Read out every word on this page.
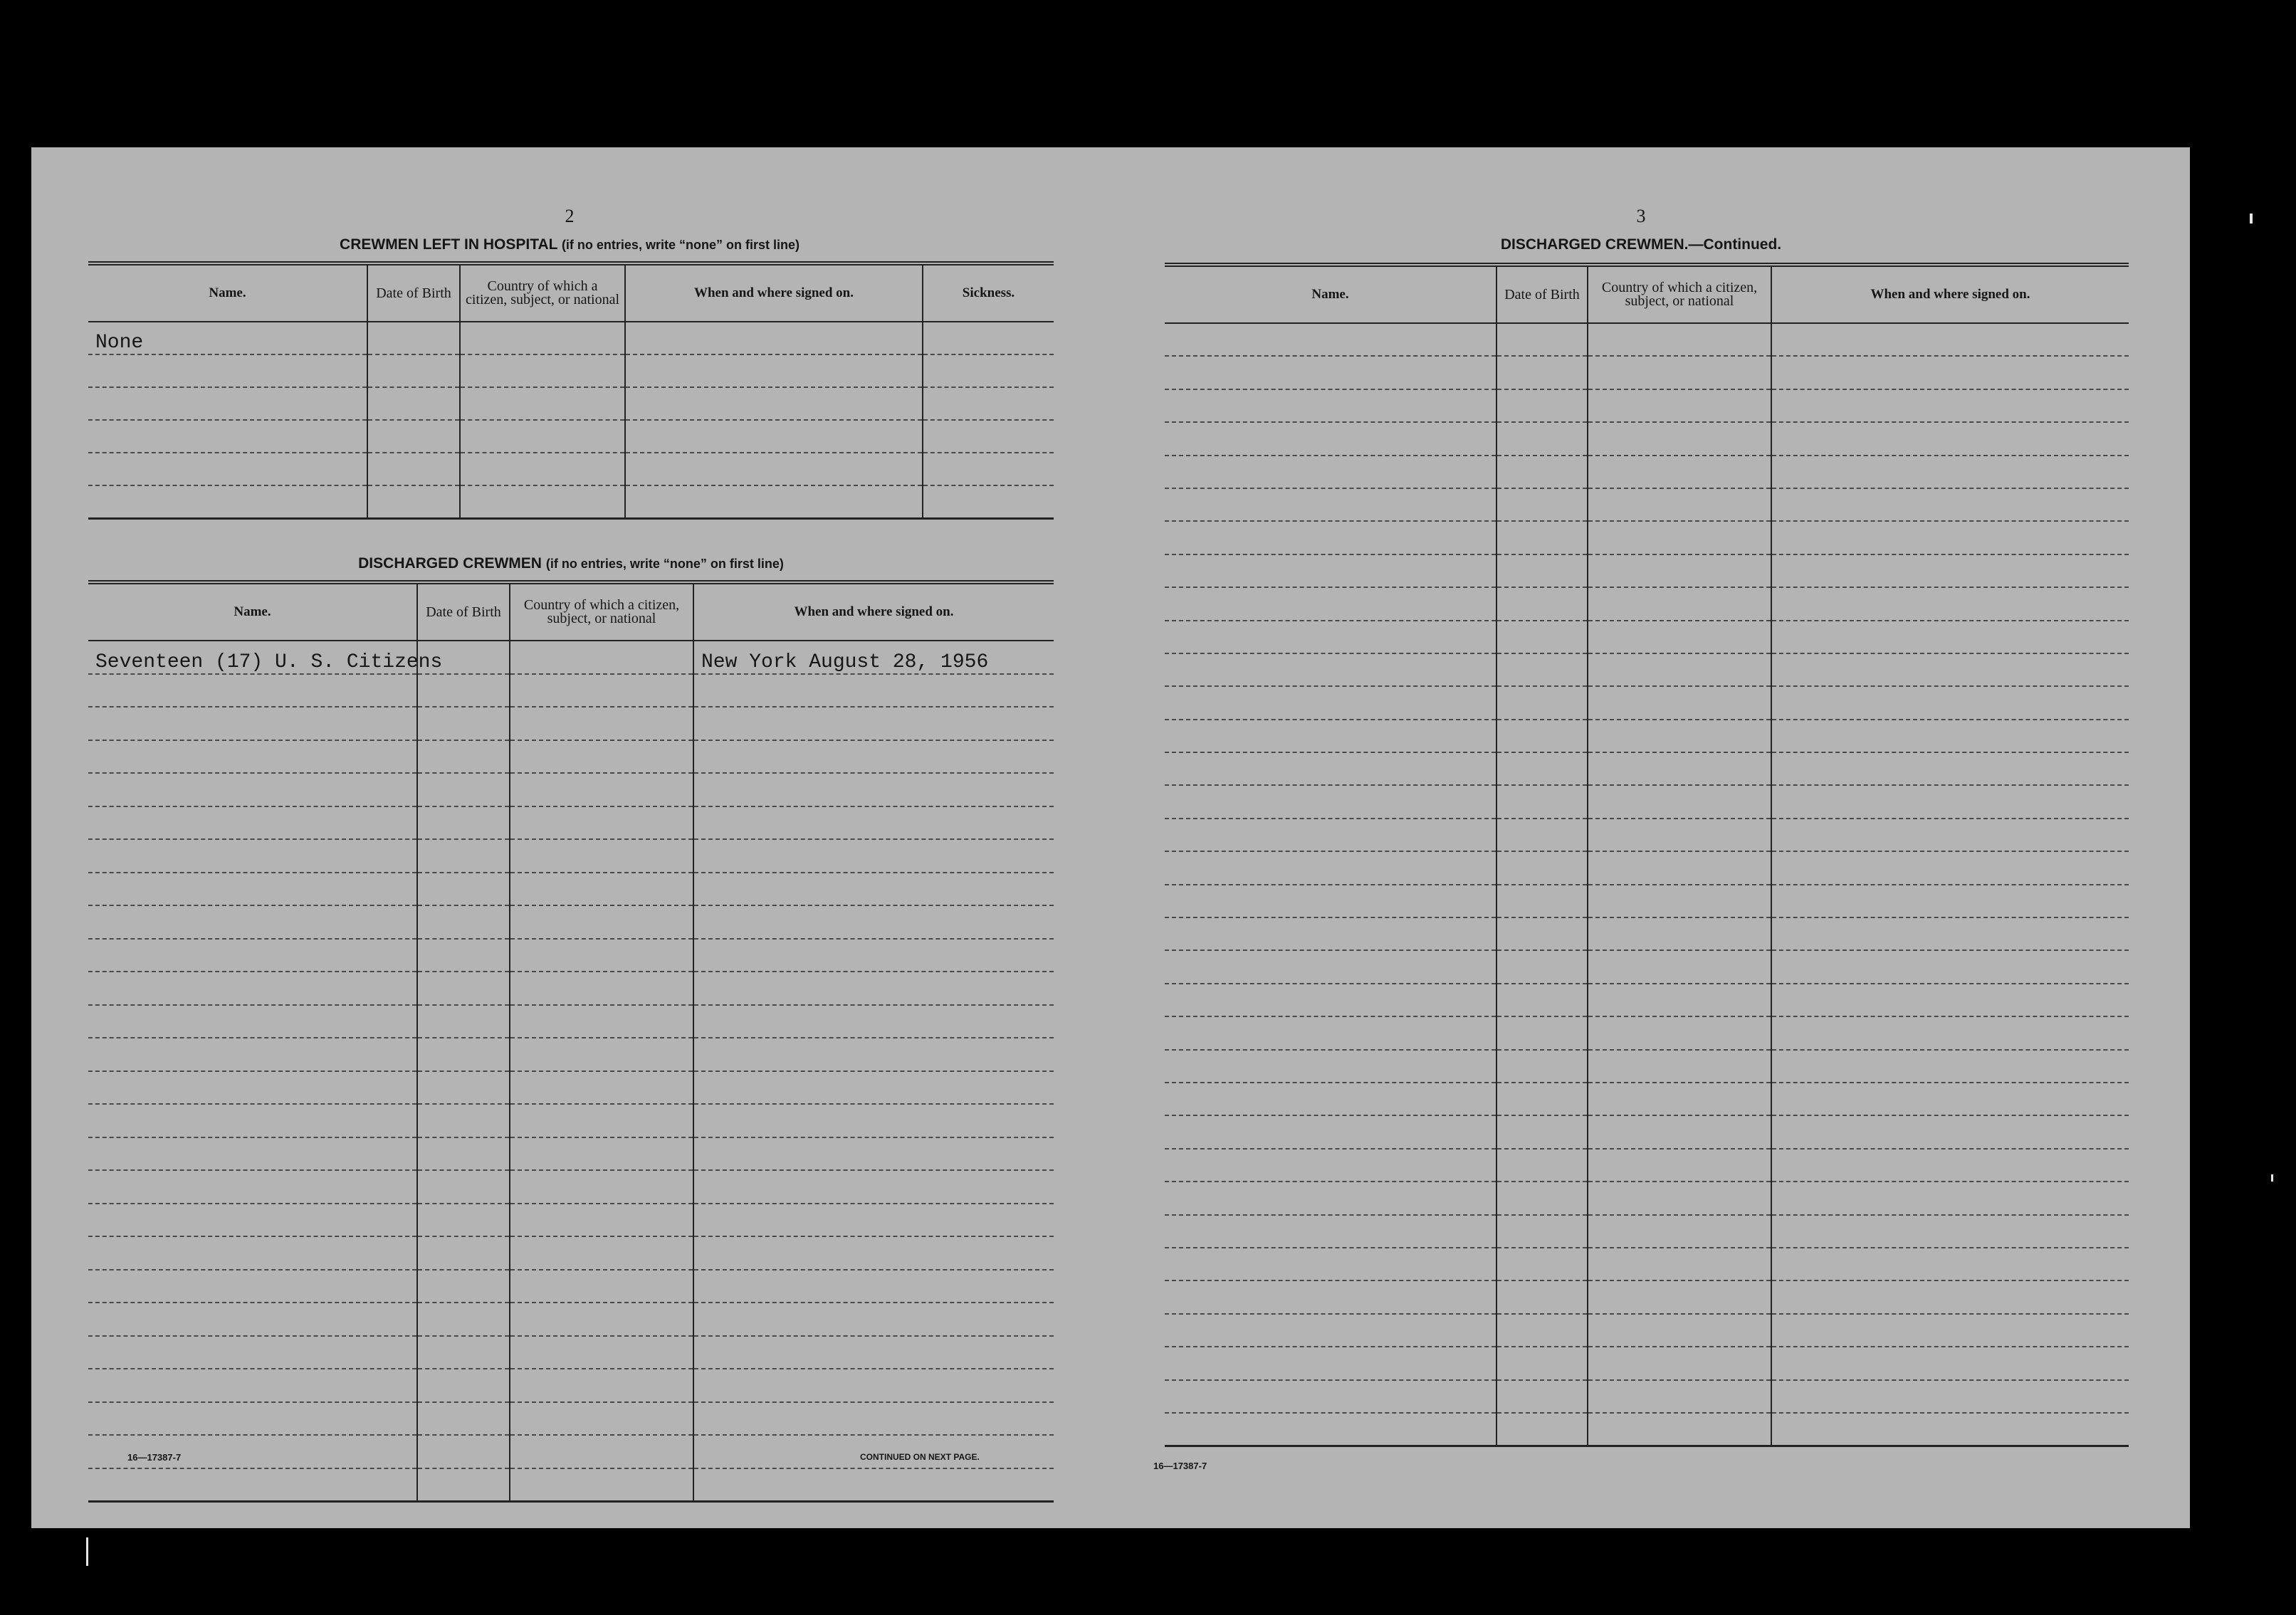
2
CREWMEN LEFT IN HOSPITAL (if no entries, write “none” on first line)
Name.	Date of Birth	Country of which a citizen, subject, or national	When and where signed on.	Sickness.
None				

DISCHARGED CREWMEN (if no entries, write “none” on first line)
Name.	Date of Birth	Country of which a citizen, subject, or national	When and where signed on.
Seventeen (17) U. S. Citizens			New York August 28, 1956

16—17387-7	CONTINUED ON NEXT PAGE.
3
DISCHARGED CREWMEN.—Continued.
Name.	Date of Birth	Country of which a citizen, subject, or national	When and where signed on.

16—17387-7
